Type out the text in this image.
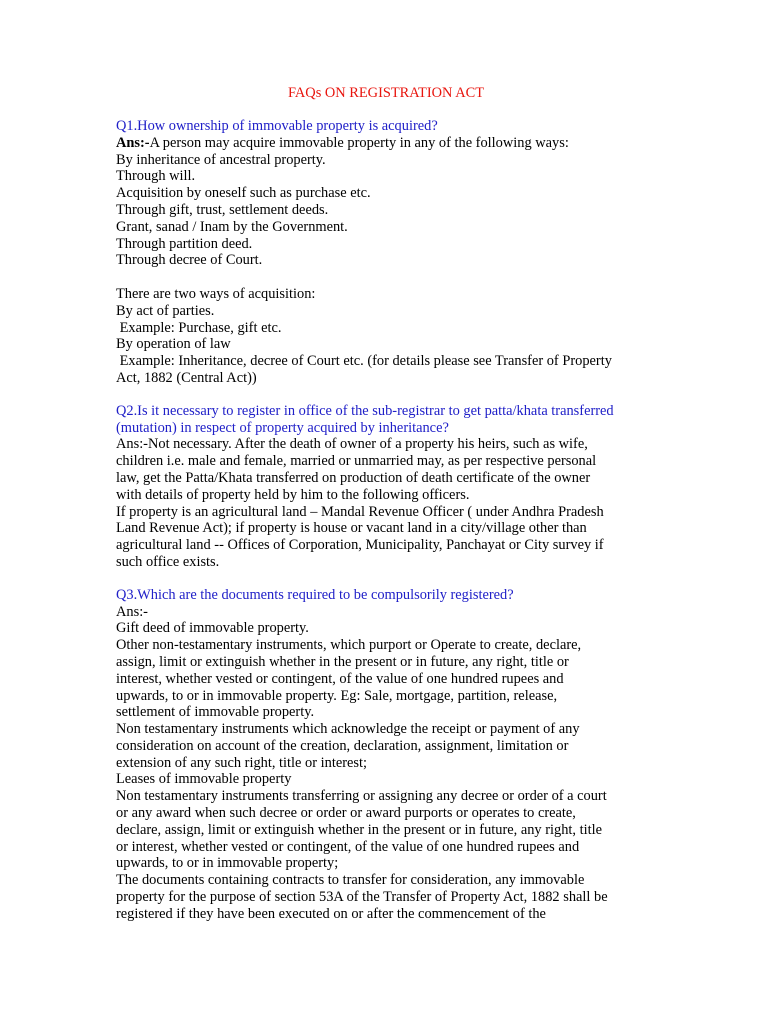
FAQs ON REGISTRATION ACT

Q1.How ownership of immovable property is acquired?

Ans:-A person may acquire immovable property in any of the following ways:

By inheritance of ancestral property.

Through will.

Acquisition by oneself such as purchase etc.

Through gift, trust, settlement deeds.

Grant, sanad / Inam by the Government.

Through partition deed.

Through decree of Court.

There are two ways of acquisition:

By act of parties.

Example: Purchase, gift etc.

By operation of law

Example: Inheritance, decree of Court etc. (for details please see Transfer of Property

Act, 1882 (Central Act))

Q2.Is it necessary to register in office of the sub-registrar to get patta/khata transferred

(mutation) in respect of property acquired by inheritance?

Ans:-Not necessary. After the death of owner of a property his heirs, such as wife,

children i.e. male and female, married or unmarried may, as per respective personal

law, get the Patta/Khata transferred on production of death certificate of the owner

with details of property held by him to the following officers.

If property is an agricultural land – Mandal Revenue Officer ( under Andhra Pradesh

Land Revenue Act); if property is house or vacant land in a city/village other than

agricultural land -- Offices of Corporation, Municipality, Panchayat or City survey if

such office exists.

Q3.Which are the documents required to be compulsorily registered?

Ans:-

Gift deed of immovable property.

Other non-testamentary instruments, which purport or Operate to create, declare,

assign, limit or extinguish whether in the present or in future, any right, title or

interest, whether vested or contingent, of the value of one hundred rupees and

upwards, to or in immovable property. Eg: Sale, mortgage, partition, release,

settlement of immovable property.

Non testamentary instruments which acknowledge the receipt or payment of any

consideration on account of the creation, declaration, assignment, limitation or

extension of any such right, title or interest;

Leases of immovable property

Non testamentary instruments transferring or assigning any decree or order of a court

or any award when such decree or order or award purports or operates to create,

declare, assign, limit or extinguish whether in the present or in future, any right, title

or interest, whether vested or contingent, of the value of one hundred rupees and

upwards, to or in immovable property;

The documents containing contracts to transfer for consideration, any immovable

property for the purpose of section 53A of the Transfer of Property Act, 1882 shall be

registered if they have been executed on or after the commencement of the
